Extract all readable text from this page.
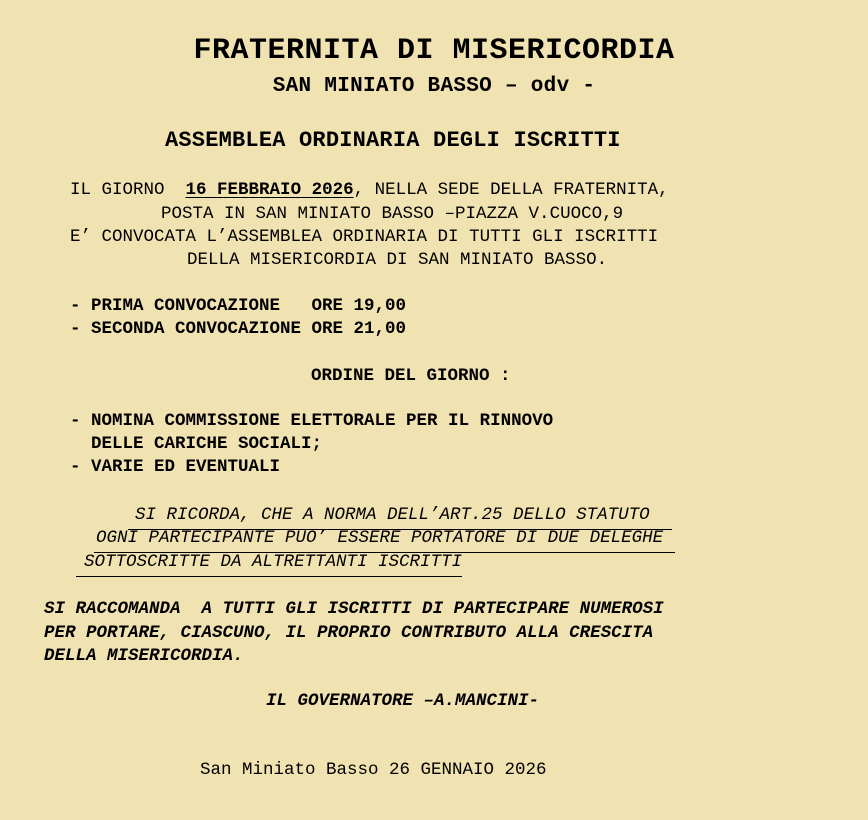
FRATERNITA DI MISERICORDIA
SAN MINIATO BASSO – odv -
ASSEMBLEA ORDINARIA DEGLI ISCRITTI
IL GIORNO  16 FEBBRAIO 2026, NELLA SEDE DELLA FRATERNITA,
POSTA IN SAN MINIATO BASSO –PIAZZA V.CUOCO,9
E’ CONVOCATA L’ASSEMBLEA ORDINARIA DI TUTTI GLI ISCRITTI
DELLA MISERICORDIA DI SAN MINIATO BASSO.
- PRIMA CONVOCAZIONE   ORE 19,00
- SECONDA CONVOCAZIONE ORE 21,00
ORDINE DEL GIORNO :
- NOMINA COMMISSIONE ELETTORALE PER IL RINNOVO
DELLE CARICHE SOCIALI;
- VARIE ED EVENTUALI
SI RICORDA, CHE A NORMA DELL’ART.25 DELLO STATUTO
OGNI PARTECIPANTE PUO’ ESSERE PORTATORE DI DUE DELEGHE
SOTTOSCRITTE DA ALTRETTANTI ISCRITTI
SI RACCOMANDA  A TUTTI GLI ISCRITTI DI PARTECIPARE NUMEROSI
PER PORTARE, CIASCUNO, IL PROPRIO CONTRIBUTO ALLA CRESCITA
DELLA MISERICORDIA.
IL GOVERNATORE –A.MANCINI-
San Miniato Basso 26 GENNAIO 2026
